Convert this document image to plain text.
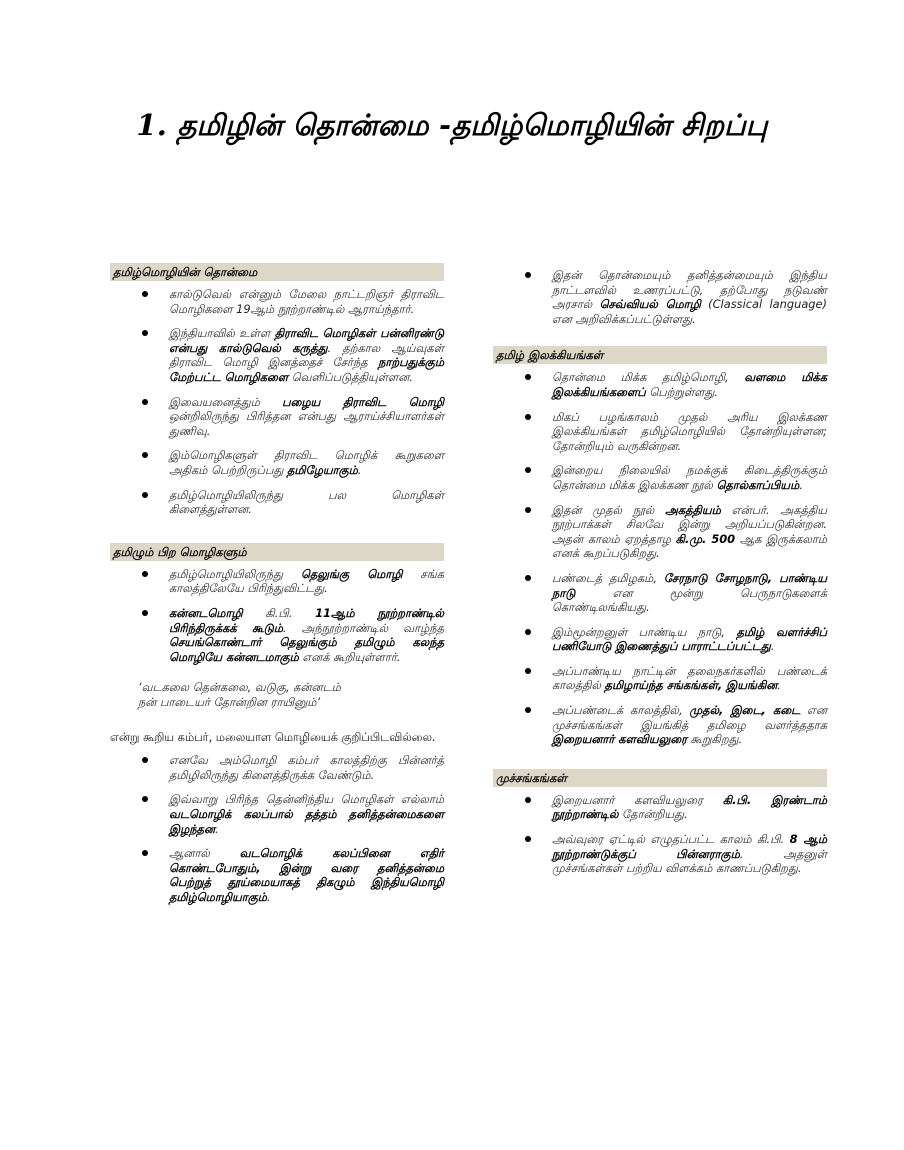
1. தமிழின் தொன்மை -தமிழ்மொழியின் சிறப்பு
தமிழ்மொழியின் தொன்மை
கால்டுவெல் என்னும் மேலை நாட்டறிஞர் திராவிட மொழிகளை 19ஆம் நூற்றாண்டில் ஆராய்ந்தார்.
இந்தியாவில் உள்ள திராவிட மொழிகள் பன்னிரண்டு என்பது கால்டுவெல் கருத்து. தற்கால ஆய்வுகள் திராவிட மொழி இனத்தைச் சேர்ந்த நாற்பதுக்கும் மேற்பட்ட மொழிகளை வெளிப்படுத்தியுள்ளன.
இவையனைத்தும் பழைய திராவிட மொழி ஒன்றிலிருந்து பிரித்தன என்பது ஆராய்ச்சியாளர்கள் துணிவு.
இம்மொழிகளுள் திராவிட மொழிக் கூறுகளை அதிகம் பெற்றிருப்பது தமிழேயாகும்.
தமிழ்மொழியிலிருந்து பல மொழிகள் கிளைத்துள்ளன.
தமிழும் பிற மொழிகளும்
தமிழ்மொழியிலிருந்து தெலுங்கு மொழி சங்க காலத்திலேயே பிரிந்துவிட்டது.
கன்னடமொழி கி.பி. 11ஆம் நூற்றாண்டில் பிரிந்திருக்கக் கூடும். அந்நூற்றாண்டில் வாழ்ந்த செயங்கொண்டார் தெலுங்கும் தமிழும் கலந்த மொழியே கன்னடமாகும் எனக் கூறியுள்ளார்.
‘வடகலை தென்கலை, வடுகு, கன்னடம்
நன் பாடையர் தோன்றின ராயினும்’
என்று கூறிய கம்பர், மலையாள மொழியைக் குறிப்பிடவில்லை.
எனவே அம்மொழி கம்பர் காலத்திற்கு பின்னர்த் தமிழிலிருந்து கிளைத்திருக்க வேண்டும்.
இவ்வாறு பிரிந்த தென்னிந்திய மொழிகள் எல்லாம் வடமொழிக் கலப்பால் தத்தம் தனித்தன்மைகளை இழந்தன.
ஆனால் வடமொழிக் கலப்பினை எதிர் கொண்டபோதும், இன்று வரை தனித்தன்மை பெற்றுத் தூய்மையாகத் திகழும் இந்தியமொழி தமிழ்மொழியாகும்.
இதன் தொன்மையும் தனித்தன்மையும் இந்திய நாட்டளவில் உணரப்பட்டு, தற்போது நடுவண் அரசால் செவ்வியல் மொழி (Classical language) என அறிவிக்கப்பட்டுள்ளது.
தமிழ் இலக்கியங்கள்
தொன்மை மிக்க தமிழ்மொழி, வளமை மிக்க இலக்கியங்களைப் பெற்றுள்ளது.
மிகப் பழங்காலம் முதல் அரிய இலக்கண இலக்கியங்கள் தமிழ்மொழியில் தோன்றியுள்ளன; தோன்றியும் வருகின்றன.
இன்றைய நிலையில் நமக்குக் கிடைத்திருக்கும் தொன்மை மிக்க இலக்கண நூல் தொல்காப்பியம்.
இதன் முதல் நூல் அகத்தியம் என்பர். அகத்திய நூற்பாக்கள் சிலவே இன்று அறியப்படுகின்றன. அதன் காலம் ஏறத்தாழ கி.மு. 500 ஆக இருக்கலாம் எனக் கூறப்படுகிறது.
பண்டைத் தமிழகம், சேரநாடு சோழநாடு, பாண்டிய நாடு என மூன்று பெருநாடுகளைக் கொண்டிலங்கியது.
இம்மூன்றனுள் பாண்டிய நாடு, தமிழ் வளர்ச்சிப் பணியோடு இணைத்துப் பாராட்டப்பட்டது.
அப்பாண்டிய நாட்டின் தலைநகர்களில் பண்டைக் காலத்தில் தமிழாய்ந்த சங்கங்கள், இயங்கின.
அப்பண்டைக் காலத்தில், முதல், இடை, கடை என முச்சங்கங்கள் இயங்கித் தமிழை வளர்த்ததாக இறையனார் களவியலுரை கூறுகிறது.
முச்சங்கங்கள்
இறையனார் களவியலுரை கி.பி. இரண்டாம் நூற்றாண்டில் தோன்றியது.
அவ்வுரை ஏட்டில் எழுதப்பட்ட காலம் கி.பி. 8 ஆம் நூற்றாண்டுக்குப் பின்னராகும். அதனுள் முச்சங்கள்கள் பற்றிய விளக்கம் காணப்படுகிறது.
